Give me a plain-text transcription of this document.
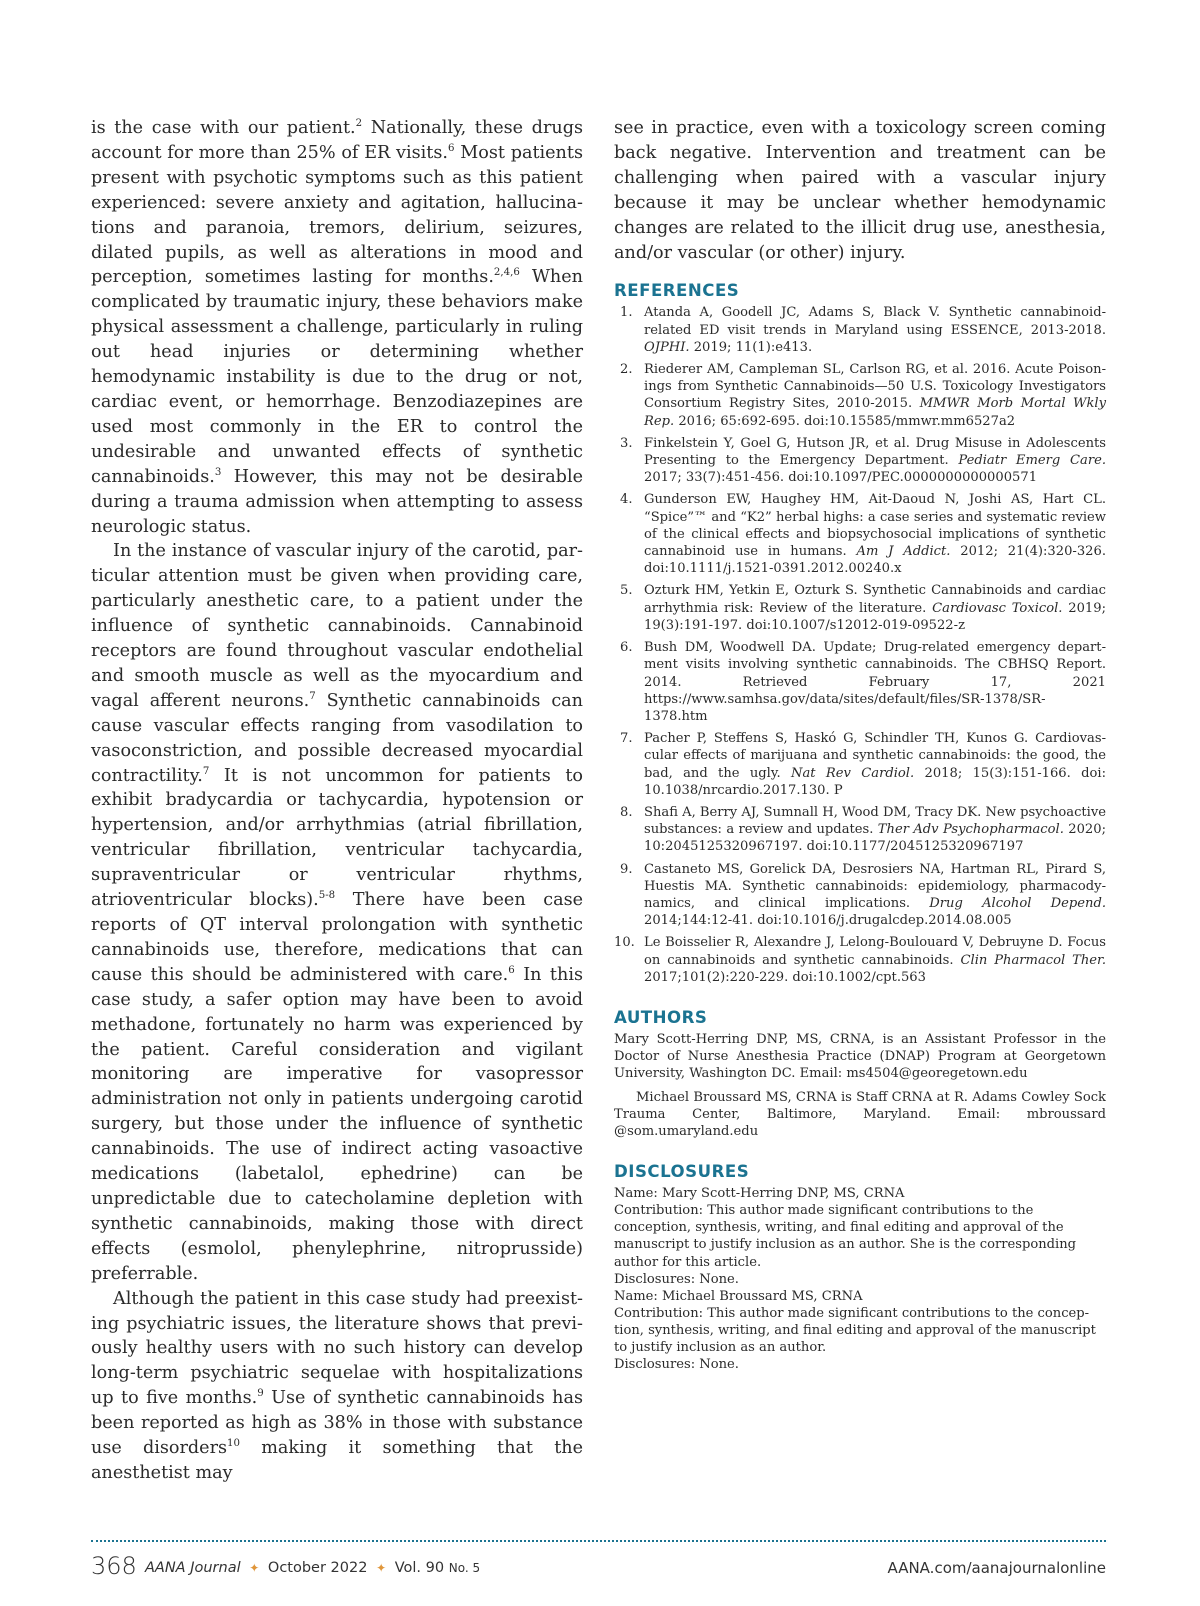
is the case with our patient.$^2$ Nationally, these drugs account for more than 25% of ER visits.$^6$ Most patients present with psychotic symptoms such as this patient experienced: severe anxiety and agitation, hallucinations and paranoia, tremors, delirium, seizures, dilated pupils, as well as alterations in mood and perception, sometimes lasting for months.$^{2,4,6}$ When complicated by traumatic injury, these behaviors make physical assessment a challenge, particularly in ruling out head injuries or determining whether hemodynamic instability is due to the drug or not, cardiac event, or hemorrhage. Benzodiazepines are used most commonly in the ER to control the undesirable and unwanted effects of synthetic cannabinoids.$^3$ However, this may not be desirable during a trauma admission when attempting to assess neurologic status.

In the instance of vascular injury of the carotid, particular attention must be given when providing care, particularly anesthetic care, to a patient under the influence of synthetic cannabinoids. Cannabinoid receptors are found throughout vascular endothelial and smooth muscle as well as the myocardium and vagal afferent neurons.$^7$ Synthetic cannabinoids can cause vascular effects ranging from vasodilation to vasoconstriction, and possible decreased myocardial contractility.$^7$ It is not uncommon for patients to exhibit bradycardia or tachycardia, hypotension or hypertension, and/or arrhythmias (atrial fibrillation, ventricular fibrillation, ventricular tachycardia, supraventricular or ventricular rhythms, atrioventricular blocks).$^{5-8}$ There have been case reports of QT interval prolongation with synthetic cannabinoids use, therefore, medications that can cause this should be administered with care.$^6$ In this case study, a safer option may have been to avoid methadone, fortunately no harm was experienced by the patient. Careful consideration and vigilant monitoring are imperative for vasopressor administration not only in patients undergoing carotid surgery, but those under the influence of synthetic cannabinoids. The use of indirect acting vasoactive medications (labetalol, ephedrine) can be unpredictable due to catecholamine depletion with synthetic cannabinoids, making those with direct effects (esmolol, phenylephrine, nitroprusside) preferrable.

Although the patient in this case study had preexisting psychiatric issues, the literature shows that previously healthy users with no such history can develop long-term psychiatric sequelae with hospitalizations up to five months.$^9$ Use of synthetic cannabinoids has been reported as high as 38% in those with substance use disorders$^{10}$ making it something that the anesthetist may

see in practice, even with a toxicology screen coming back negative. Intervention and treatment can be challenging when paired with a vascular injury because it may be unclear whether hemodynamic changes are related to the illicit drug use, anesthesia, and/or vascular (or other) injury.

REFERENCES
1. Atanda A, Goodell JC, Adams S, Black V. Synthetic cannabinoid-related ED visit trends in Maryland using ESSENCE, 2013-2018. OJPHI. 2019; 11(1):e413.
2. Riederer AM, Campleman SL, Carlson RG, et al. 2016. Acute Poisonings from Synthetic Cannabinoids—50 U.S. Toxicology Investigators Consortium Registry Sites, 2010-2015. MMWR Morb Mortal Wkly Rep. 2016; 65:692-695. doi:10.15585/mmwr.mm6527a2
3. Finkelstein Y, Goel G, Hutson JR, et al. Drug Misuse in Adolescents Presenting to the Emergency Department. Pediatr Emerg Care. 2017; 33(7):451-456. doi:10.1097/PEC.0000000000000571
4. Gunderson EW, Haughey HM, Ait-Daoud N, Joshi AS, Hart CL. “Spice”™ and “K2” herbal highs: a case series and systematic review of the clinical effects and biopsychosocial implications of synthetic cannabinoid use in humans. Am J Addict. 2012; 21(4):320-326. doi:10.1111/j.1521-0391.2012.00240.x
5. Ozturk HM, Yetkin E, Ozturk S. Synthetic Cannabinoids and cardiac arrhythmia risk: Review of the literature. Cardiovasc Toxicol. 2019; 19(3):191-197. doi:10.1007/s12012-019-09522-z
6. Bush DM, Woodwell DA. Update; Drug-related emergency department visits involving synthetic cannabinoids. The CBHSQ Report. 2014. Retrieved February 17, 2021 https://www.samhsa.gov/data/sites/default/files/SR-1378/SR-1378.htm
7. Pacher P, Steffens S, Haskó G, Schindler TH, Kunos G. Cardiovascular effects of marijuana and synthetic cannabinoids: the good, the bad, and the ugly. Nat Rev Cardiol. 2018; 15(3):151-166. doi: 10.1038/nrcardio.2017.130. P
8. Shafi A, Berry AJ, Sumnall H, Wood DM, Tracy DK. New psychoactive substances: a review and updates. Ther Adv Psychopharmacol. 2020; 10:2045125320967197. doi:10.1177/2045125320967197
9. Castaneto MS, Gorelick DA, Desrosiers NA, Hartman RL, Pirard S, Huestis MA. Synthetic cannabinoids: epidemiology, pharmacodynamics, and clinical implications. Drug Alcohol Depend. 2014;144:12-41. doi:10.1016/j.drugalcdep.2014.08.005
10. Le Boisselier R, Alexandre J, Lelong-Boulouard V, Debruyne D. Focus on cannabinoids and synthetic cannabinoids. Clin Pharmacol Ther. 2017;101(2):220-229. doi:10.1002/cpt.563
AUTHORS

Mary Scott-Herring DNP, MS, CRNA, is an Assistant Professor in the Doctor of Nurse Anesthesia Practice (DNAP) Program at Georgetown University, Washington DC. Email: ms4504@georegetown.edu

Michael Broussard MS, CRNA is Staff CRNA at R. Adams Cowley Sock Trauma Center, Baltimore, Maryland. Email: mbroussard @som.umaryland.edu

DISCLOSURES

Name: Mary Scott-Herring DNP, MS, CRNA

Contribution: This author made significant contributions to the conception, synthesis, writing, and final editing and approval of the manuscript to justify inclusion as an author. She is the corresponding author for this article.

Disclosures: None.

Name: Michael Broussard MS, CRNA

Contribution: This author made significant contributions to the conception, synthesis, writing, and final editing and approval of the manuscript to justify inclusion as an author.

Disclosures: None.

368 AANA Journal ✦ October 2022 ✦ Vol. 90 No. 5	AANA.com/aanajournalonline
